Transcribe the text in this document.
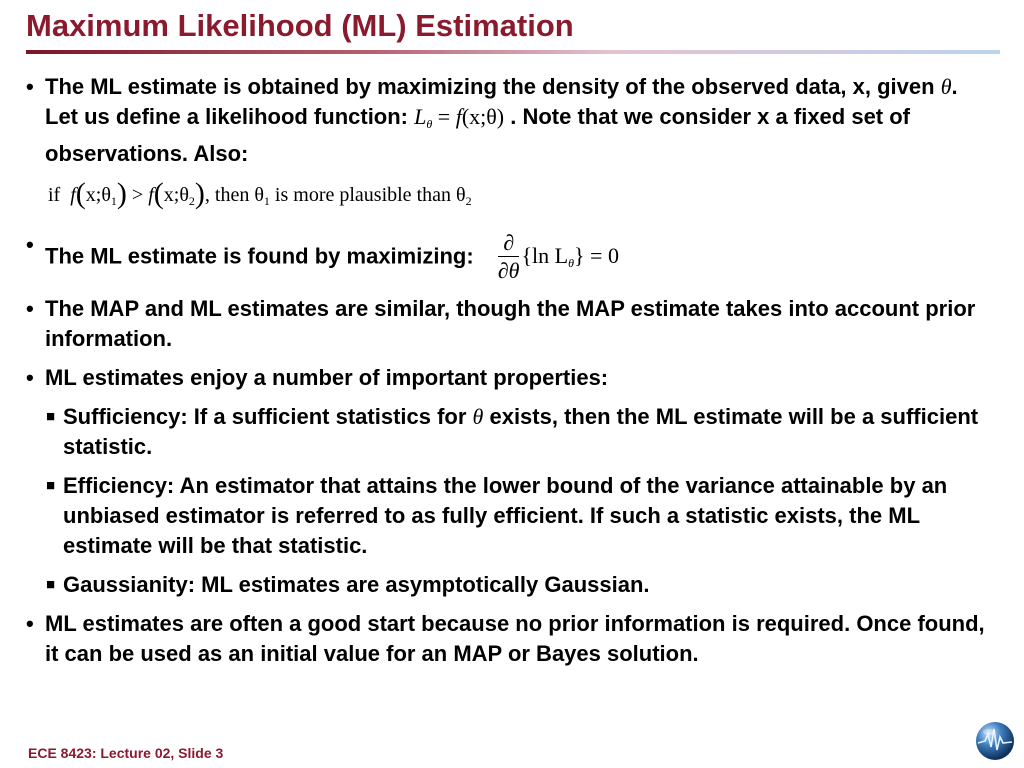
Maximum Likelihood (ML) Estimation
• The ML estimate is obtained by maximizing the density of the observed data, x, given θ. Let us define a likelihood function: $L_\theta$ = f(x;θ) . Note that we consider x a fixed set of observations. Also:
if $f(x;\theta_1)$ > $f(x;\theta_2)$, then $\theta_1$ is more plausible than $\theta_2$
• The ML estimate is found by maximizing: $\frac{\partial}{\partial\theta} \{\ln$ $L_\theta\} = 0$
• The MAP and ML estimates are similar, though the MAP estimate takes into account prior information.
• ML estimates enjoy a number of important properties:
■ Sufficiency: If a sufficient statistics for θ exists, then the ML estimate will be a sufficient statistic.
■ Efficiency: An estimator that attains the lower bound of the variance attainable by an unbiased estimator is referred to as fully efficient. If such a statistic exists, the ML estimate will be that statistic.
■ Gaussianity: ML estimates are asymptotically Gaussian.
• ML estimates are often a good start because no prior information is required. Once found, it can be used as an initial value for an MAP or Bayes solution.
ECE 8423: Lecture 02, Slide 3
